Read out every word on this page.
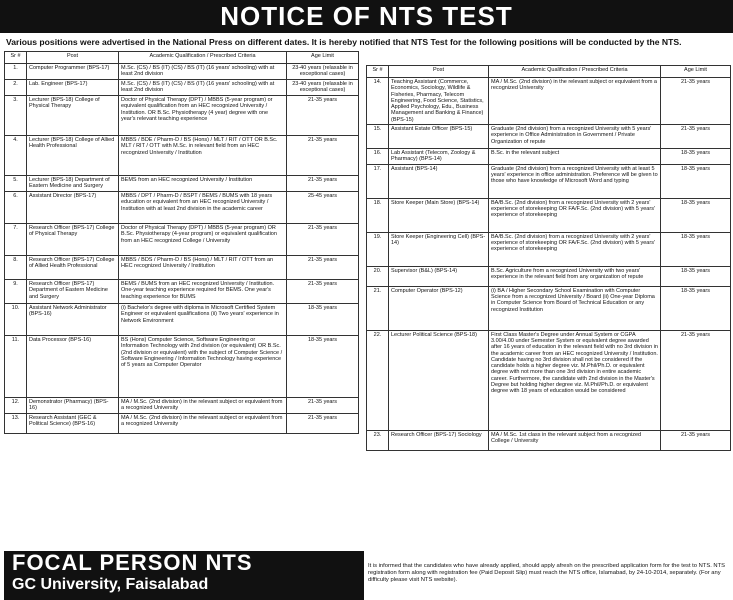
NOTICE OF NTS TEST
Various positions were advertised in the National Press on different dates. It is hereby notified that NTS Test for the following positions will be conducted by the NTS.
Sr #	Post	Academic Qualification / Prescribed Criteria	Age Limit
1.	Computer Programmer (BPS-17)	M.Sc. (CS) / BS (IT) (CS) / BS (IT) (16 years' schooling) with at least 2nd division	23-40 years (relaxable in exceptional cases)
2.	Lab. Engineer (BPS-17)	M.Sc. (CS) / BS (IT) (CS) / BS (IT) (16 years' schooling) with at least 2nd division	23-40 years (relaxable in exceptional cases)
3.	Lecturer (BPS-18) College of Physical Therapy	Doctor of Physical Therapy (DPT) / MBBS (5-year program) or equivalent qualification from an HEC recognized University / Institution. OR B.Sc. Physiotherapy (4 year) degree with one year's relevant teaching experience	21-35 years
4.	Lecturer (BPS-18) College of Allied Health Professional	MBBS / BDE / Pharm-D / BS (Hons) / MLT / RIT / OTT OR B.Sc. MLT / RIT / OTT with M.Sc. in relevant field from an HEC recognized University / Institution	21-35 years
5.	Lecturer (BPS-18) Department of Eastern Medicine and Surgery	BEMS from an HEC recognized University / Institution	21-35 years
6.	Assistant Director (BPS-17)	MBBS / DPT / Pharm-D / BSPT / BEMS / BUMS with 18 years education or equivalent from an HEC recognized University / Institution with at least 2nd division in the academic career	25-45 years
7.	Research Officer (BPS-17) College of Physical Therapy	Doctor of Physical Therapy (DPT) / MBBS (5-year program) OR B.Sc. Physiotherapy (4-year program) or equivalent qualification from an HEC recognized College / University	21-35 years
8.	Research Officer (BPS-17) College of Allied Health Professional	MBBS / BDS / Pharm-D / BS (Hons) / MLT / RIT / OTT from an HEC recognized University / Institution	21-35 years
9.	Research Officer (BPS-17) Department of Eastern Medicine and Surgery	BEMS / BUMS from an HEC recognized University / Institution. One-year teaching experience required for BEMS. One year's teaching experience for BUMS	21-35 years
10.	Assistant Network Administrator (BPS-16)	(i) Bachelor's degree with diploma in Microsoft Certified System Engineer or equivalent qualifications (ii) Two years' experience in Network Environment	18-35 years
11.	Data Processor (BPS-16)	BS (Hons) Computer Science, Software Engineering or Information Technology with 2nd division (or equivalent) OR B.Sc. (2nd division or equivalent) with the subject of Computer Science / Software Engineering / Information Technology having experience of 5 years as Computer Operator	18-35 years
12.	Demonstrator (Pharmacy) (BPS-16)	MA / M.Sc. (2nd division) in the relevant subject or equivalent from a recognized University	21-35 years
13.	Research Assistant (GEC & Political Science) (BPS-16)	MA / M.Sc. (2nd division) in the relevant subject or equivalent from a recognized University	21-35 years
Sr #	Post	Academic Qualification / Prescribed Criteria	Age Limit
14.	Teaching Assistant (Commerce, Economics, Sociology, Wildlife & Fisheries, Pharmacy, Telecom Engineering, Food Science, Statistics, Applied Psychology, Edu., Business Management and Banking & Finance) (BPS-15)	MA / M.Sc. (2nd division) in the relevant subject or equivalent from a recognized University	21-35 years
15.	Assistant Estate Officer (BPS-15)	Graduate (2nd division) from a recognized University with 5 years' experience in Office Administration in Government / Private Organization of repute	21-35 years
16.	Lab Assistant (Telecom, Zoology & Pharmacy) (BPS-14)	B.Sc. in the relevant subject	18-35 years
17.	Assistant (BPS-14)	Graduate (2nd division) from a recognized University with at least 5 years' experience in office administration. Preference will be given to those who have knowledge of Microsoft Word and typing	18-35 years
18.	Store Keeper (Main Store) (BPS-14)	BA/B.Sc. (2nd division) from a recognized University with 2 years' experience of storekeeping OR FA/F.Sc. (2nd division) with 5 years' experience of storekeeping	18-35 years
19.	Store Keeper (Engineering Cell) (BPS-14)	BA/B.Sc. (2nd division) from a recognized University with 2 years' experience of storekeeping OR FA/F.Sc. (2nd division) with 5 years' experience of storekeeping	18-35 years
20.	Supervisor (B&L) (BPS-14)	B.Sc. Agriculture from a recognized University with two years' experience in the relevant field from any organization of repute	18-35 years
21.	Computer Operator (BPS-12)	(i) BA / Higher Secondary School Examination with Computer Science from a recognized University / Board (ii) One-year Diploma in Computer Science from Board of Technical Education or any recognized Institution	18-35 years
22.	Lecturer Political Science (BPS-18)	First Class Master's Degree under Annual System or CGPA 3.00/4.00 under Semester System or equivalent degree awarded after 16 years of education in the relevant field with no 3rd division in the academic career from an HEC recognized University / Institution. Candidate having no 3rd division shall not be considered if the candidate holds a higher degree viz. M.Phil/Ph.D. or equivalent degree with not more than one 3rd division in entire academic career. Furthermore, the candidate with 2nd division in the Master's Degree but holding higher degree viz. M.Phil/Ph.D. or equivalent degree with 18 years of education would be considered	21-35 years
23.	Research Officer (BPS-17) Sociology	MA / M.Sc. 1st class in the relevant subject from a recognized College / University	21-35 years
FOCAL PERSON NTS
GC University, Faisalabad
It is informed that the candidates who have already applied, should apply afresh on the prescribed application form for the test to NTS. NTS registration form along with registration fee (Paid Deposit Slip) must reach the NTS office, Islamabad, by 24-10-2014, separately. (For any difficulty please visit NTS website).
